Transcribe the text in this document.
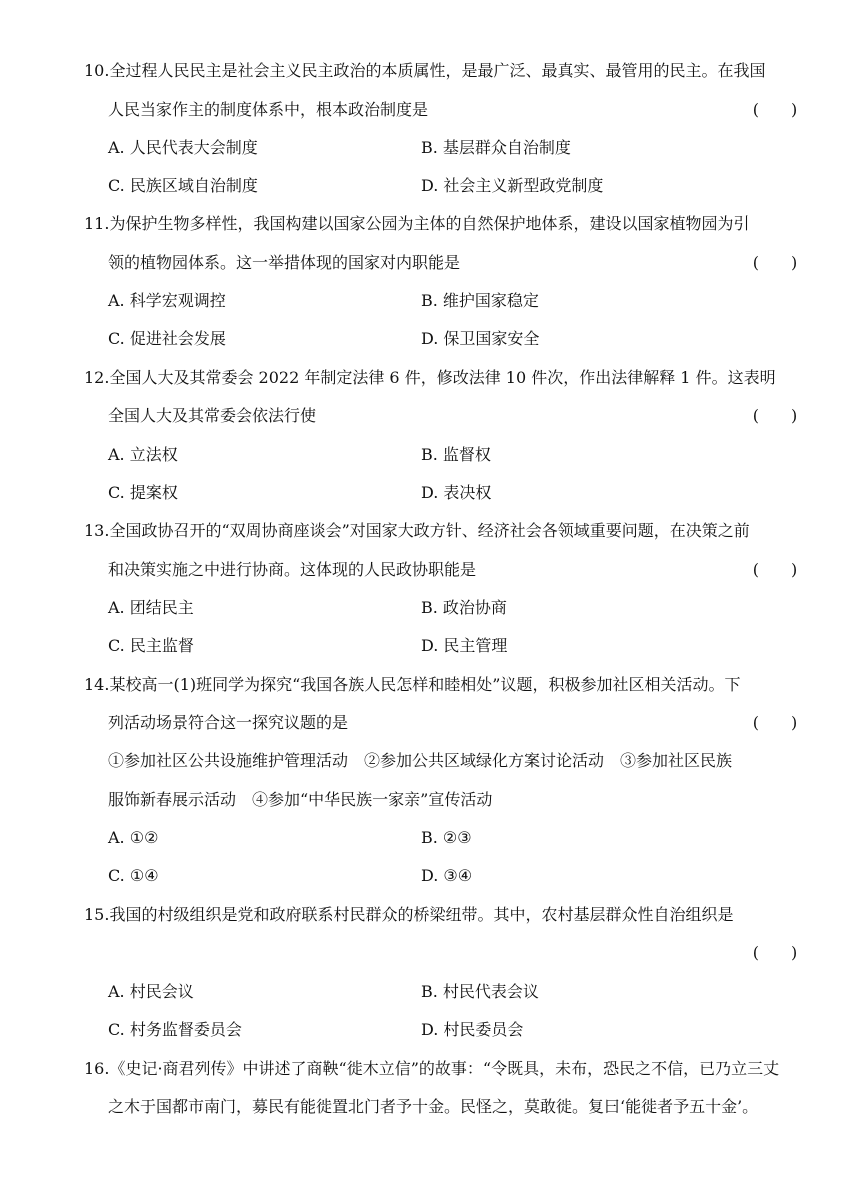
10.全过程人民民主是社会主义民主政治的本质属性，是最广泛、最真实、最管用的民主。在我国
人民当家作主的制度体系中，根本政治制度是	(　　)
A. 人民代表大会制度	B. 基层群众自治制度
C. 民族区域自治制度	D. 社会主义新型政党制度
11.为保护生物多样性，我国构建以国家公园为主体的自然保护地体系，建设以国家植物园为引
领的植物园体系。这一举措体现的国家对内职能是	(　　)
A. 科学宏观调控	B. 维护国家稳定
C. 促进社会发展	D. 保卫国家安全
12.全国人大及其常委会 2022 年制定法律 6 件，修改法律 10 件次，作出法律解释 1 件。这表明
全国人大及其常委会依法行使	(　　)
A. 立法权	B. 监督权
C. 提案权	D. 表决权
13.全国政协召开的“双周协商座谈会”对国家大政方针、经济社会各领域重要问题，在决策之前
和决策实施之中进行协商。这体现的人民政协职能是	(　　)
A. 团结民主	B. 政治协商
C. 民主监督	D. 民主管理
14.某校高一(1)班同学为探究“我国各族人民怎样和睦相处”议题，积极参加社区相关活动。下
列活动场景符合这一探究议题的是	(　　)
①参加社区公共设施维护管理活动　②参加公共区域绿化方案讨论活动　③参加社区民族
服饰新春展示活动　④参加“中华民族一家亲”宣传活动
A. ①②	B. ②③
C. ①④	D. ③④
15.我国的村级组织是党和政府联系村民群众的桥梁纽带。其中，农村基层群众性自治组织是
(　　)
A. 村民会议	B. 村民代表会议
C. 村务监督委员会	D. 村民委员会
16.《史记·商君列传》中讲述了商鞅“徙木立信”的故事：“令既具，未布，恐民之不信，已乃立三丈
之木于国都市南门，募民有能徙置北门者予十金。民怪之，莫敢徙。复曰‘能徙者予五十金’。
